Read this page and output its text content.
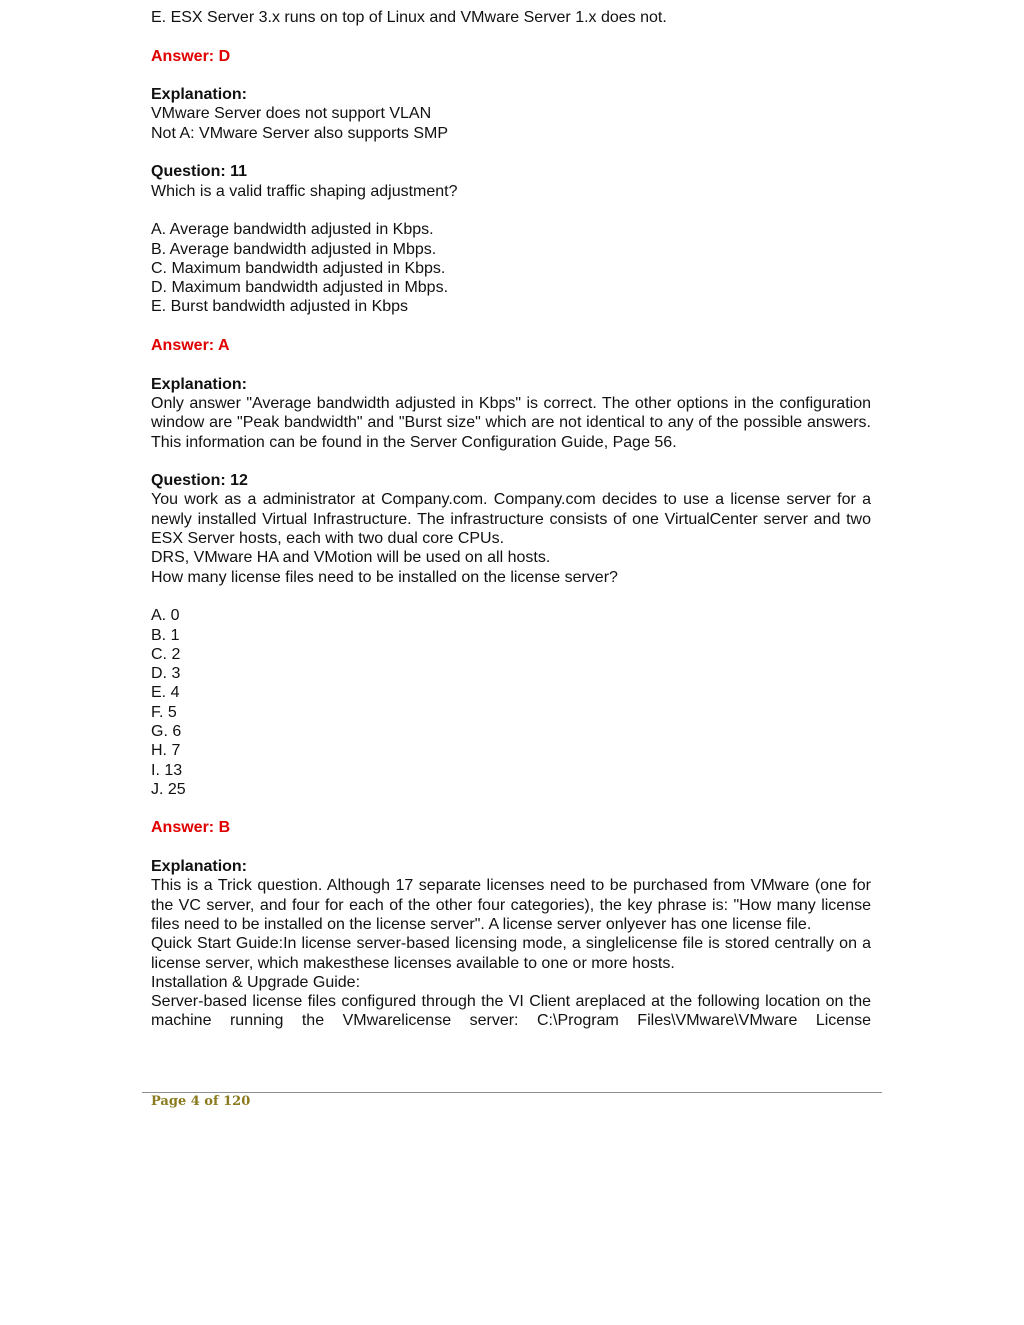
E. ESX Server 3.x runs on top of Linux and VMware Server 1.x does not.
Answer: D
Explanation:
VMware Server does not support VLAN
Not A: VMware Server also supports SMP
Question: 11
Which is a valid traffic shaping adjustment?
A. Average bandwidth adjusted in Kbps.
B. Average bandwidth adjusted in Mbps.
C. Maximum bandwidth adjusted in Kbps.
D. Maximum bandwidth adjusted in Mbps.
E. Burst bandwidth adjusted in Kbps
Answer: A
Explanation:
Only answer "Average bandwidth adjusted in Kbps" is correct. The other options in the configuration window are "Peak bandwidth" and "Burst size" which are not identical to any of the possible answers. This information can be found in the Server Configuration Guide, Page 56.
Question: 12
You work as a administrator at Company.com. Company.com decides to use a license server for a newly installed Virtual Infrastructure. The infrastructure consists of one VirtualCenter server and two ESX Server hosts, each with two dual core CPUs.
DRS, VMware HA and VMotion will be used on all hosts.
How many license files need to be installed on the license server?
A. 0
B. 1
C. 2
D. 3
E. 4
F. 5
G. 6
H. 7
I. 13
J. 25
Answer: B
Explanation:
This is a Trick question. Although 17 separate licenses need to be purchased from VMware (one for the VC server, and four for each of the other four categories), the key phrase is: "How many license files need to be installed on the license server". A license server onlyever has one license file.
Quick Start Guide:In license server-based licensing mode, a singlelicense file is stored centrally on a license server, which makesthese licenses available to one or more hosts.
Installation & Upgrade Guide:
Server-based license files configured through the VI Client areplaced at the following location on the machine running the VMwarelicense server: C:\Program Files\VMware\VMware License
Page 4 of 120
